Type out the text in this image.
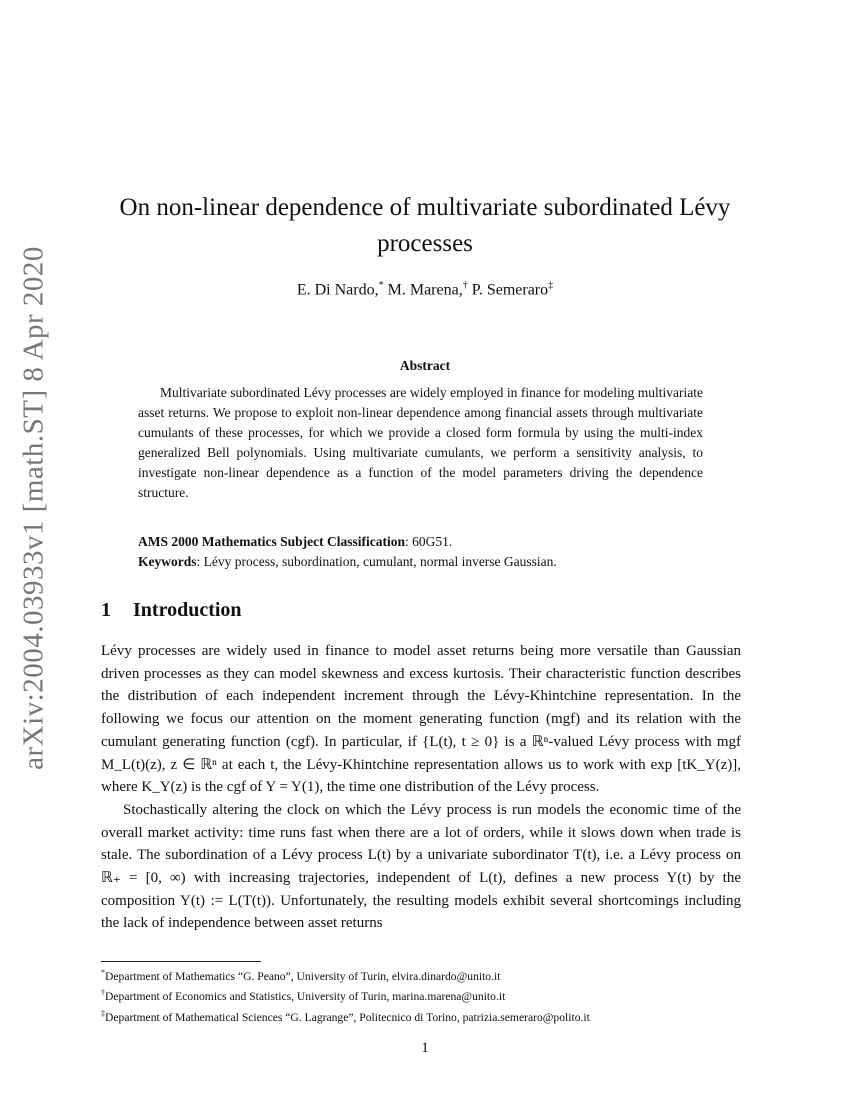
arXiv:2004.03933v1 [math.ST] 8 Apr 2020
On non-linear dependence of multivariate subordinated Lévy
processes
E. Di Nardo,* M. Marena,† P. Semeraro‡
Abstract
Multivariate subordinated Lévy processes are widely employed in finance for modeling multivariate asset returns. We propose to exploit non-linear dependence among financial assets through multivariate cumulants of these processes, for which we provide a closed form formula by using the multi-index generalized Bell polynomials. Using multivariate cumulants, we perform a sensitivity analysis, to investigate non-linear dependence as a function of the model parameters driving the dependence structure.
AMS 2000 Mathematics Subject Classification: 60G51.
Keywords: Lévy process, subordination, cumulant, normal inverse Gaussian.
1 Introduction

Lévy processes are widely used in finance to model asset returns being more versatile than Gaussian driven processes as they can model skewness and excess kurtosis. Their characteristic function describes the distribution of each independent increment through the Lévy-Khintchine representation. In the following we focus our attention on the moment generating function (mgf) and its relation with the cumulant generating function (cgf). In particular, if {L(t), t ≥ 0} is a ℝⁿ-valued Lévy process with mgf M_L(t)(z), z ∈ ℝⁿ at each t, the Lévy-Khintchine representation allows us to work with exp [tK_Y(z)], where K_Y(z) is the cgf of Y = Y(1), the time one distribution of the Lévy process.

Stochastically altering the clock on which the Lévy process is run models the economic time of the overall market activity: time runs fast when there are a lot of orders, while it slows down when trade is stale. The subordination of a Lévy process L(t) by a univariate subordinator T(t), i.e. a Lévy process on ℝ₊ = [0, ∞) with increasing trajectories, independent of L(t), defines a new process Y(t) by the composition Y(t) := L(T(t)). Unfortunately, the resulting models exhibit several shortcomings including the lack of independence between asset returns

*Department of Mathematics “G. Peano”, University of Turin, elvira.dinardo@unito.it
†Department of Economics and Statistics, University of Turin, marina.marena@unito.it
‡Department of Mathematical Sciences “G. Lagrange”, Politecnico di Torino, patrizia.semeraro@polito.it
1
